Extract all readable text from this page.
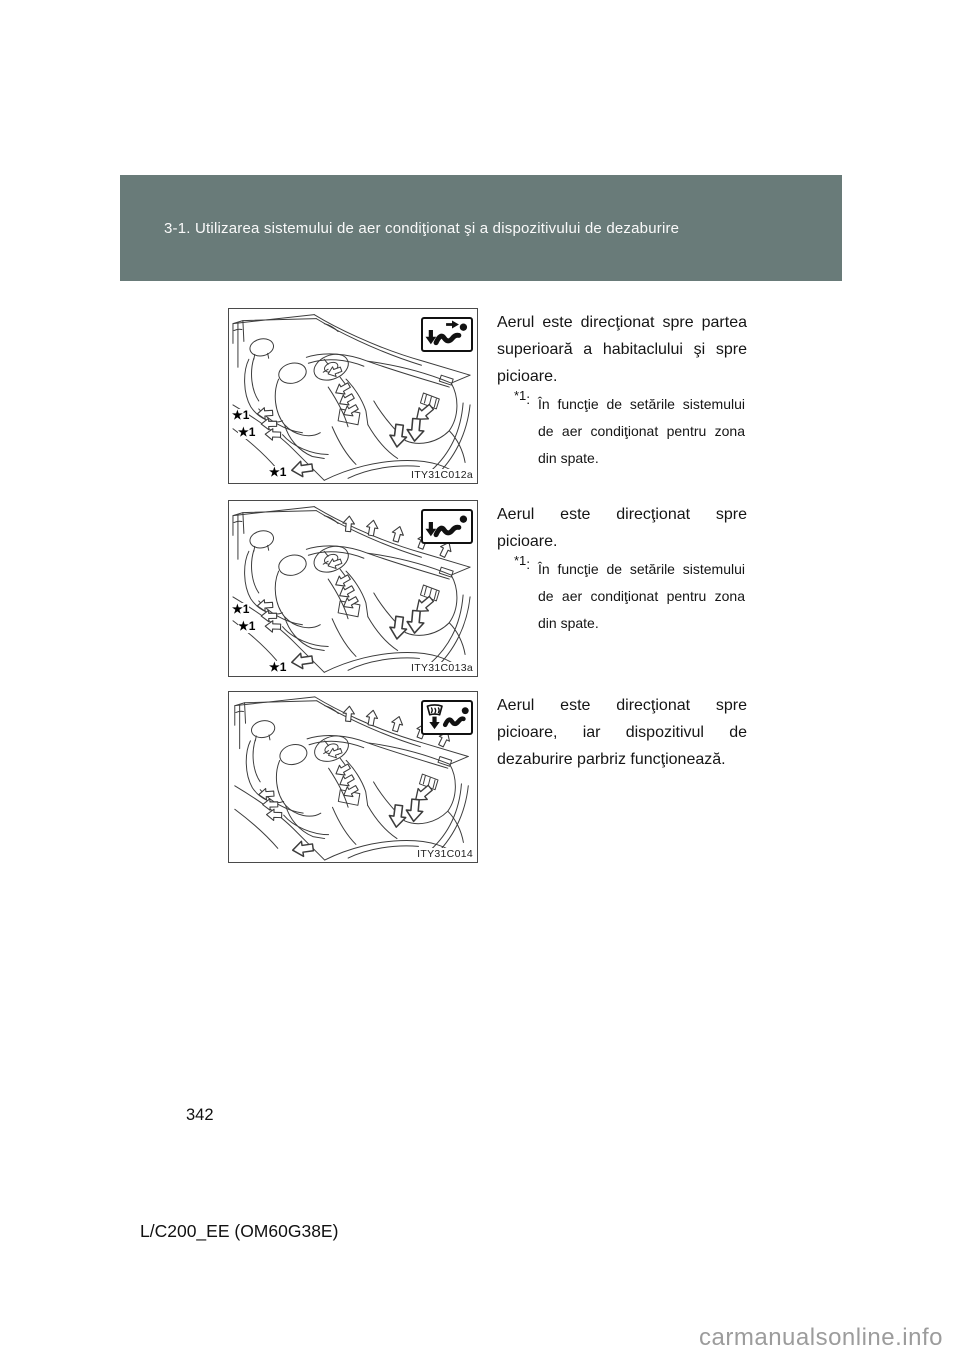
3-1. Utilizarea sistemului de aer condiţionat şi a dispozitivului de dezaburire
★1
★1
★1	ITY31C012a

Aerul este direcţionat spre partea superioară a habitaclului şi spre picioare.

*1: În funcţie de setările sistemului de aer condiţionat pentru zona din spate.
★1
★1
★1	ITY31C013a

Aerul este direcţionat spre picioare.

*1: În funcţie de setările sistemului de aer condiţionat pentru zona din spate.
ITY31C014

Aerul este direcţionat spre picioare, iar dispozitivul de dezaburire parbriz funcţionează.

342
L/C200_EE (OM60G38E)
carmanualsonline.info
